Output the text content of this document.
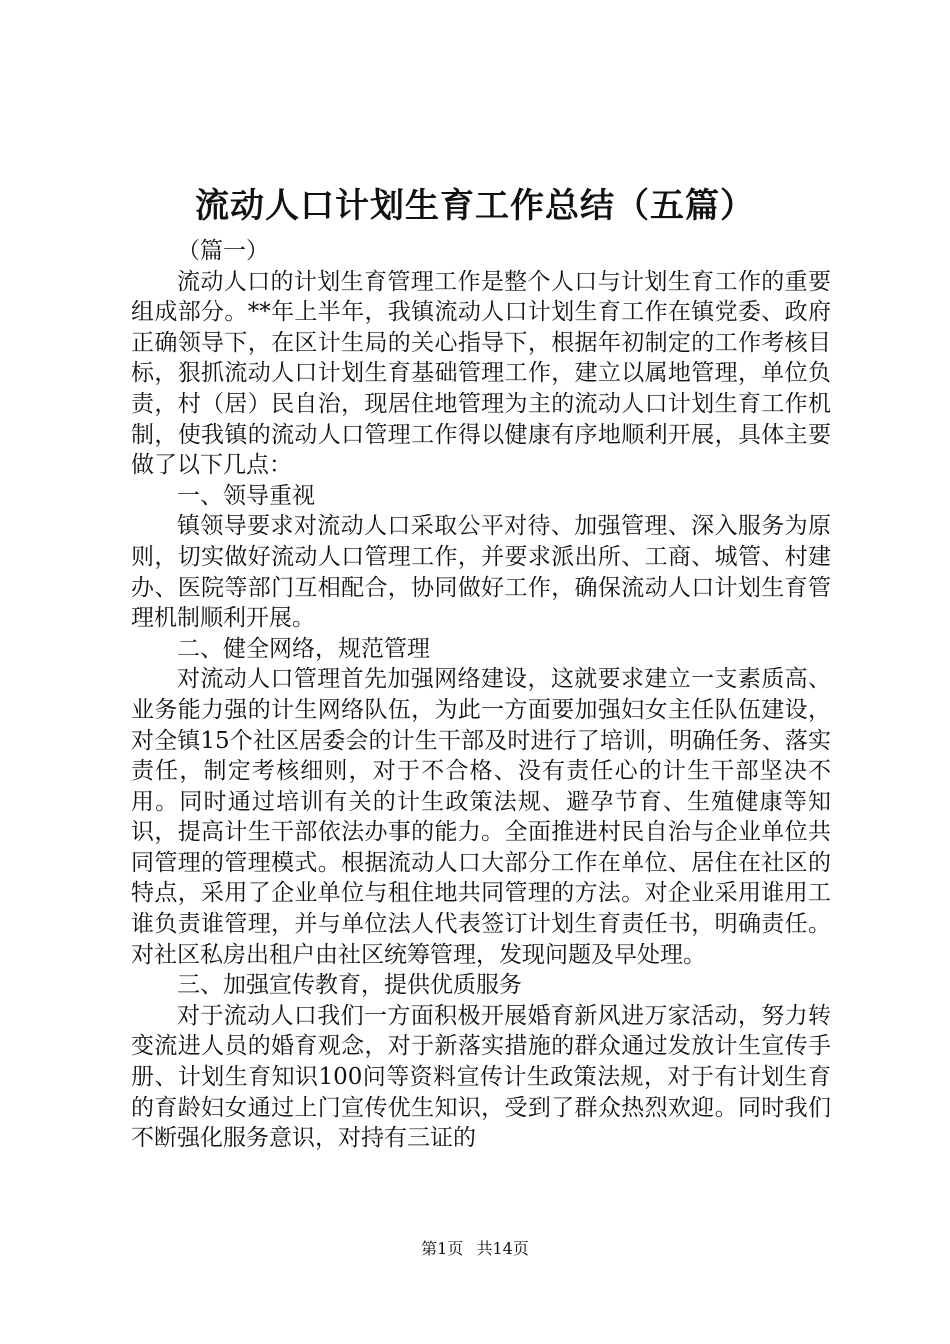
流动人口计划生育工作总结（五篇）

（篇一）

流动人口的计划生育管理工作是整个人口与计划生育工作的重要组成部分。**年上半年，我镇流动人口计划生育工作在镇党委、政府正确领导下，在区计生局的关心指导下，根据年初制定的工作考核目标，狠抓流动人口计划生育基础管理工作，建立以属地管理，单位负责，村（居）民自治，现居住地管理为主的流动人口计划生育工作机制，使我镇的流动人口管理工作得以健康有序地顺利开展，具体主要做了以下几点：

一、领导重视

镇领导要求对流动人口采取公平对待、加强管理、深入服务为原则，切实做好流动人口管理工作，并要求派出所、工商、城管、村建办、医院等部门互相配合，协同做好工作，确保流动人口计划生育管理机制顺利开展。

二、健全网络，规范管理

对流动人口管理首先加强网络建设，这就要求建立一支素质高、业务能力强的计生网络队伍，为此一方面要加强妇女主任队伍建设，对全镇15个社区居委会的计生干部及时进行了培训，明确任务、落实责任，制定考核细则，对于不合格、没有责任心的计生干部坚决不用。同时通过培训有关的计生政策法规、避孕节育、生殖健康等知识，提高计生干部依法办事的能力。全面推进村民自治与企业单位共同管理的管理模式。根据流动人口大部分工作在单位、居住在社区的特点，采用了企业单位与租住地共同管理的方法。对企业采用谁用工谁负责谁管理，并与单位法人代表签订计划生育责任书，明确责任。对社区私房出租户由社区统筹管理，发现问题及早处理。

三、加强宣传教育，提供优质服务

对于流动人口我们一方面积极开展婚育新风进万家活动，努力转变流进人员的婚育观念，对于新落实措施的群众通过发放计生宣传手册、计划生育知识100问等资料宣传计生政策法规，对于有计划生育的育龄妇女通过上门宣传优生知识，受到了群众热烈欢迎。同时我们不断强化服务意识，对持有三证的

第1页 共14页
